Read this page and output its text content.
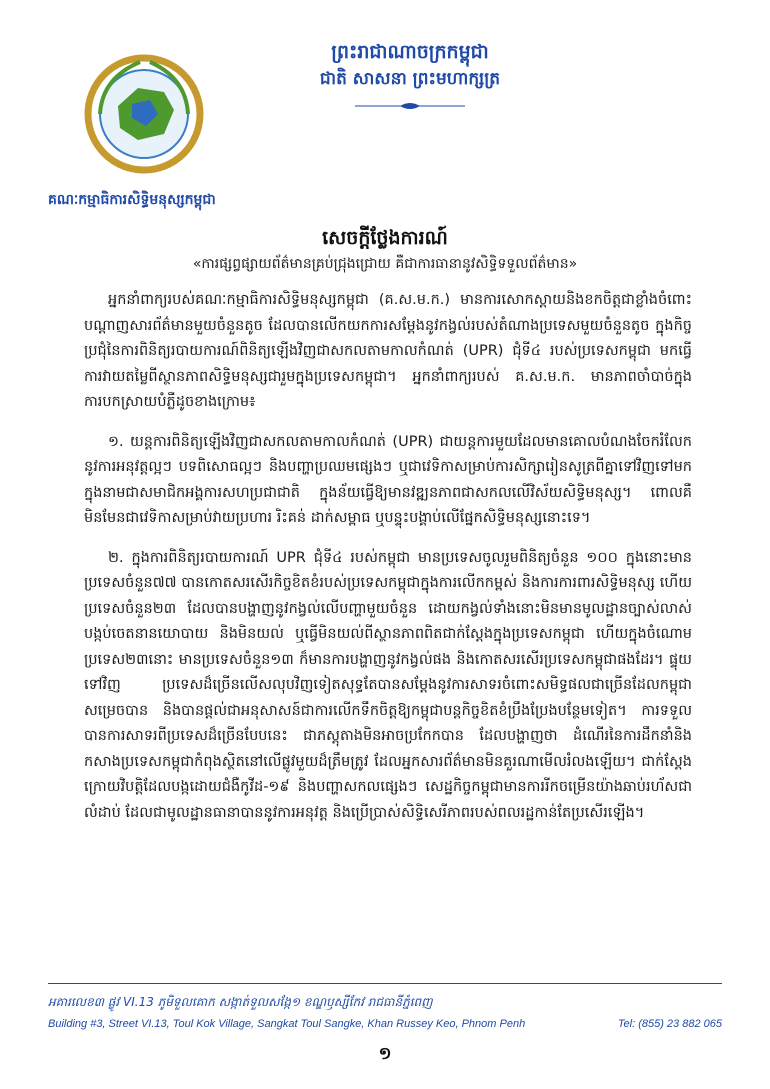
គណៈកម្មាធិការសិទ្ធិមនុស្សកម្ពុជា
ព្រះរាជាណាចក្រកម្ពុជា
ជាតិ សាសនា ព្រះមហាក្សត្រ
សេចក្តីថ្លែងការណ៍
«ការផ្សព្វផ្សាយព័ត៌មានគ្រប់ជ្រុងជ្រោយ គឺជាការធានានូវសិទ្ធិទទួលព័ត៌មាន»

អ្នកនាំពាក្យរបស់គណៈកម្មាធិការសិទ្ធិមនុស្សកម្ពុជា (គ.ស.ម.ក.) មានការសោកស្តាយនិងខកចិត្តជាខ្លាំងចំពោះបណ្តាញសារព័ត៌មានមួយចំនួនតូច ដែលបានលើកយកការសម្តែងនូវកង្វល់របស់តំណាងប្រទេសមួយចំនួនតូច ក្នុងកិច្ចប្រជុំនៃការពិនិត្យរបាយការណ៍ពិនិត្យឡើងវិញជាសកលតាមកាលកំណត់ (UPR) ជុំទី៤ របស់ប្រទេសកម្ពុជា មកធ្វើការវាយតម្លៃពីស្ថានភាពសិទ្ធិមនុស្សជារួមក្នុងប្រទេសកម្ពុជា។ អ្នកនាំពាក្យរបស់ គ.ស.ម.ក. មានភាពចាំបាច់ក្នុងការបកស្រាយបំភ្លឺដូចខាងក្រោម៖

១. យន្តការពិនិត្យឡើងវិញជាសកលតាមកាលកំណត់ (UPR) ជាយន្តការមួយដែលមានគោលបំណងចែករំលែកនូវការអនុវត្តល្អៗ បទពិសោធល្អៗ និងបញ្ហាប្រឈមផ្សេងៗ ឬជាវេទិកាសម្រាប់ការសិក្សារៀនសូត្រពីគ្នាទៅវិញទៅមកក្នុងនាមជាសមាជិកអង្គការសហប្រជាជាតិ ក្នុងន័យធ្វើឱ្យមានវឌ្ឍនភាពជាសកលលើវិស័យសិទ្ធិមនុស្ស។ ពោលគឺ មិនមែនជាវេទិកាសម្រាប់វាយប្រហារ រិះគន់ ដាក់សម្ពាធ ឬបន្ទុះបង្គាប់លើផ្នែកសិទ្ធិមនុស្សនោះទេ។

២. ក្នុងការពិនិត្យរបាយការណ៍ UPR ជុំទី៤ របស់កម្ពុជា មានប្រទេសចូលរួមពិនិត្យចំនួន ១០០ ក្នុងនោះមានប្រទេសចំនួន៧៧ បានកោតសរសើរកិច្ចខិតខំរបស់ប្រទេសកម្ពុជាក្នុងការលើកកម្ពស់ និងការការពារសិទ្ធិមនុស្ស ហើយប្រទេសចំនួន២៣ ដែលបានបង្ហាញនូវកង្វល់លើបញ្ហាមួយចំនួន ដោយកង្វល់ទាំងនោះមិនមានមូលដ្ឋានច្បាស់លាស់ បង្កប់ចេតនានយោបាយ និងមិនយល់ ឬធ្វើមិនយល់ពីស្ថានភាពពិតជាក់ស្តែងក្នុងប្រទេសកម្ពុជា ហើយក្នុងចំណោមប្រទេស២៣នោះ មានប្រទេសចំនួន១៣ ក៏មានការបង្ហាញនូវកង្វល់ផង និងកោតសរសើរប្រទេសកម្ពុជាផងដែរ។ ផ្ទុយទៅវិញ ប្រទេសដ៏ច្រើនលើសលុបវិញទៀតសុទ្ធតែបានសម្តែងនូវការសាទរចំពោះសមិទ្ធផលជាច្រើនដែលកម្ពុជាសម្រេចបាន និងបានផ្តល់ជាអនុសាសន៍ជាការលើកទឹកចិត្តឱ្យកម្ពុជាបន្តកិច្ចខិតខំប្រឹងប្រែងបន្ថែមទៀត។ ការទទួលបានការសាទរពីប្រទេសដ៏ច្រើនបែបនេះ ជាភស្តុតាងមិនអាចប្រកែកបាន ដែលបង្ហាញថា ដំណើរនៃការដឹកនាំនិងកសាងប្រទេសកម្ពុជាកំពុងស្ថិតនៅលើផ្លូវមួយដ៏ត្រឹមត្រូវ ដែលអ្នកសារព័ត៌មានមិនគួរណាមើលរំលងឡើយ។ ជាក់ស្តែង ក្រោយវិបត្តិដែលបង្កដោយជំងឺកូវីដ-១៩ និងបញ្ហាសកលផ្សេងៗ សេដ្ឋកិច្ចកម្ពុជាមានការរីកចម្រើនយ៉ាងឆាប់រហ័សជាលំដាប់ ដែលជាមូលដ្ឋានធានាបាននូវការអនុវត្ត និងប្រើប្រាស់សិទ្ធិសេរីភាពរបស់ពលរដ្ឋកាន់តែប្រសើរឡើង។

អគារលេខ៣ ផ្លូវ VI.13 ភូមិទួលគោក សង្កាត់ទួលសង្កែ១ ខណ្ឌឫស្សីកែវ រាជធានីភ្នំពេញ
Building #3, Street VI.13, Toul Kok Village, Sangkat Toul Sangke, Khan Russey Keo, Phnom Penh	Tel: (855) 23 882 065
១
